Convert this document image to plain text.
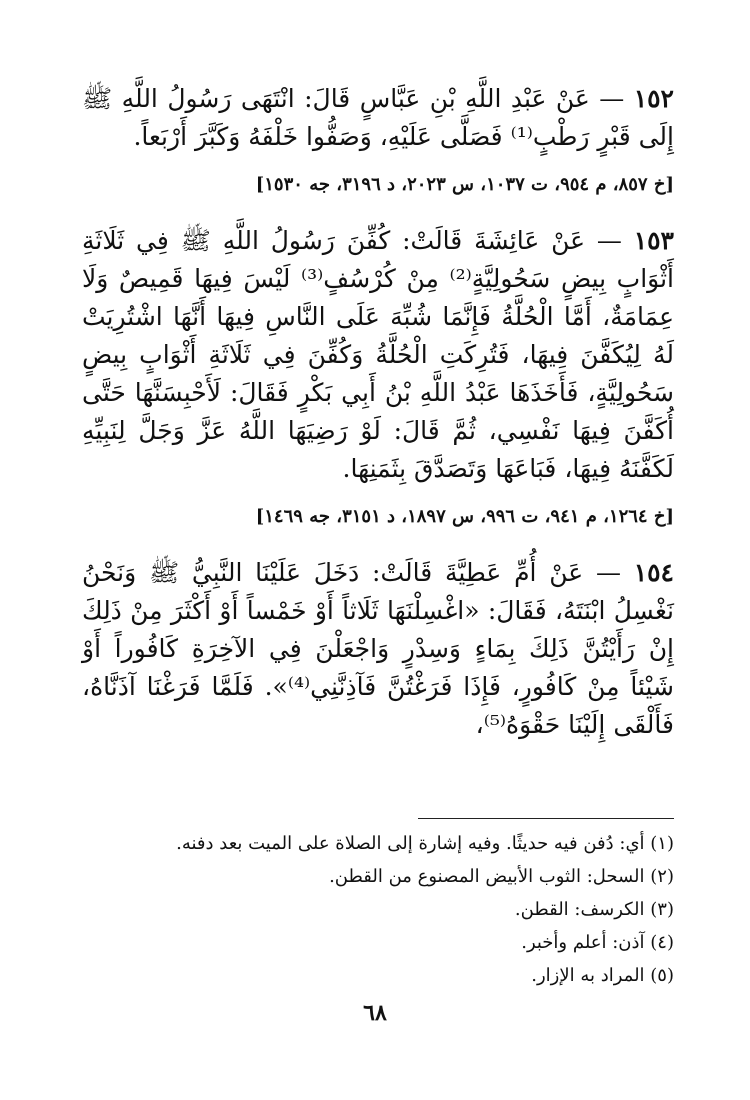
١٥٢ — عَنْ عَبْدِ اللَّهِ بْنِ عَبَّاسٍ قَالَ: انْتَهَى رَسُولُ اللَّهِ ﷺ إِلَى قَبْرٍ رَطْبٍ⁽¹⁾ فَصَلَّى عَلَيْهِ، وَصَفُّوا خَلْفَهُ وَكَبَّرَ أَرْبَعاً.

[خ ٨٥٧، م ٩٥٤، ت ١٠٣٧، س ٢٠٢٣، د ٣١٩٦، جه ١٥٣٠]

١٥٣ — عَنْ عَائِشَةَ قَالَتْ: كُفِّنَ رَسُولُ اللَّهِ ﷺ فِي ثَلَاثَةِ أَثْوَابٍ بِيضٍ سَحُولِيَّةٍ⁽²⁾ مِنْ كُرْسُفٍ⁽³⁾ لَيْسَ فِيهَا قَمِيصٌ وَلَا عِمَامَةٌ، أَمَّا الْحُلَّةُ فَإِنَّمَا شُبِّهَ عَلَى النَّاسِ فِيهَا أَنَّهَا اشْتُرِيَتْ لَهُ لِيُكَفَّنَ فِيهَا، فَتُرِكَتِ الْحُلَّةُ وَكُفِّنَ فِي ثَلَاثَةِ أَثْوَابٍ بِيضٍ سَحُولِيَّةٍ، فَأَخَذَهَا عَبْدُ اللَّهِ بْنُ أَبِي بَكْرٍ فَقَالَ: لَأَحْبِسَنَّهَا حَتَّى أُكَفَّنَ فِيهَا نَفْسِي، ثُمَّ قَالَ: لَوْ رَضِيَهَا اللَّهُ عَزَّ وَجَلَّ لِنَبِيِّهِ لَكَفَّنَهُ فِيهَا، فَبَاعَهَا وَتَصَدَّقَ بِثَمَنِهَا.

[خ ١٢٦٤، م ٩٤١، ت ٩٩٦، س ١٨٩٧، د ٣١٥١، جه ١٤٦٩]

١٥٤ — عَنْ أُمِّ عَطِيَّةَ قَالَتْ: دَخَلَ عَلَيْنَا النَّبِيُّ ﷺ وَنَحْنُ نَغْسِلُ ابْنَتَهُ، فَقَالَ: «اغْسِلْنَهَا ثَلَاثاً أَوْ خَمْساً أَوْ أَكْثَرَ مِنْ ذَلِكَ إِنْ رَأَيْتُنَّ ذَلِكَ بِمَاءٍ وَسِدْرٍ وَاجْعَلْنَ فِي الآخِرَةِ كَافُوراً أَوْ شَيْئاً مِنْ كَافُورٍ، فَإِذَا فَرَغْتُنَّ فَآذِنَّنِي⁽⁴⁾». فَلَمَّا فَرَغْنَا آذَنَّاهُ، فَأَلْقَى إِلَيْنَا حَقْوَهُ⁽⁵⁾،

(١) أي: دُفن فيه حديثًا. وفيه إشارة إلى الصلاة على الميت بعد دفنه.

(٢) السحل: الثوب الأبيض المصنوع من القطن.

(٣) الكرسف: القطن.

(٤) آذن: أعلم وأخبر.

(٥) المراد به الإزار.

٦٨
